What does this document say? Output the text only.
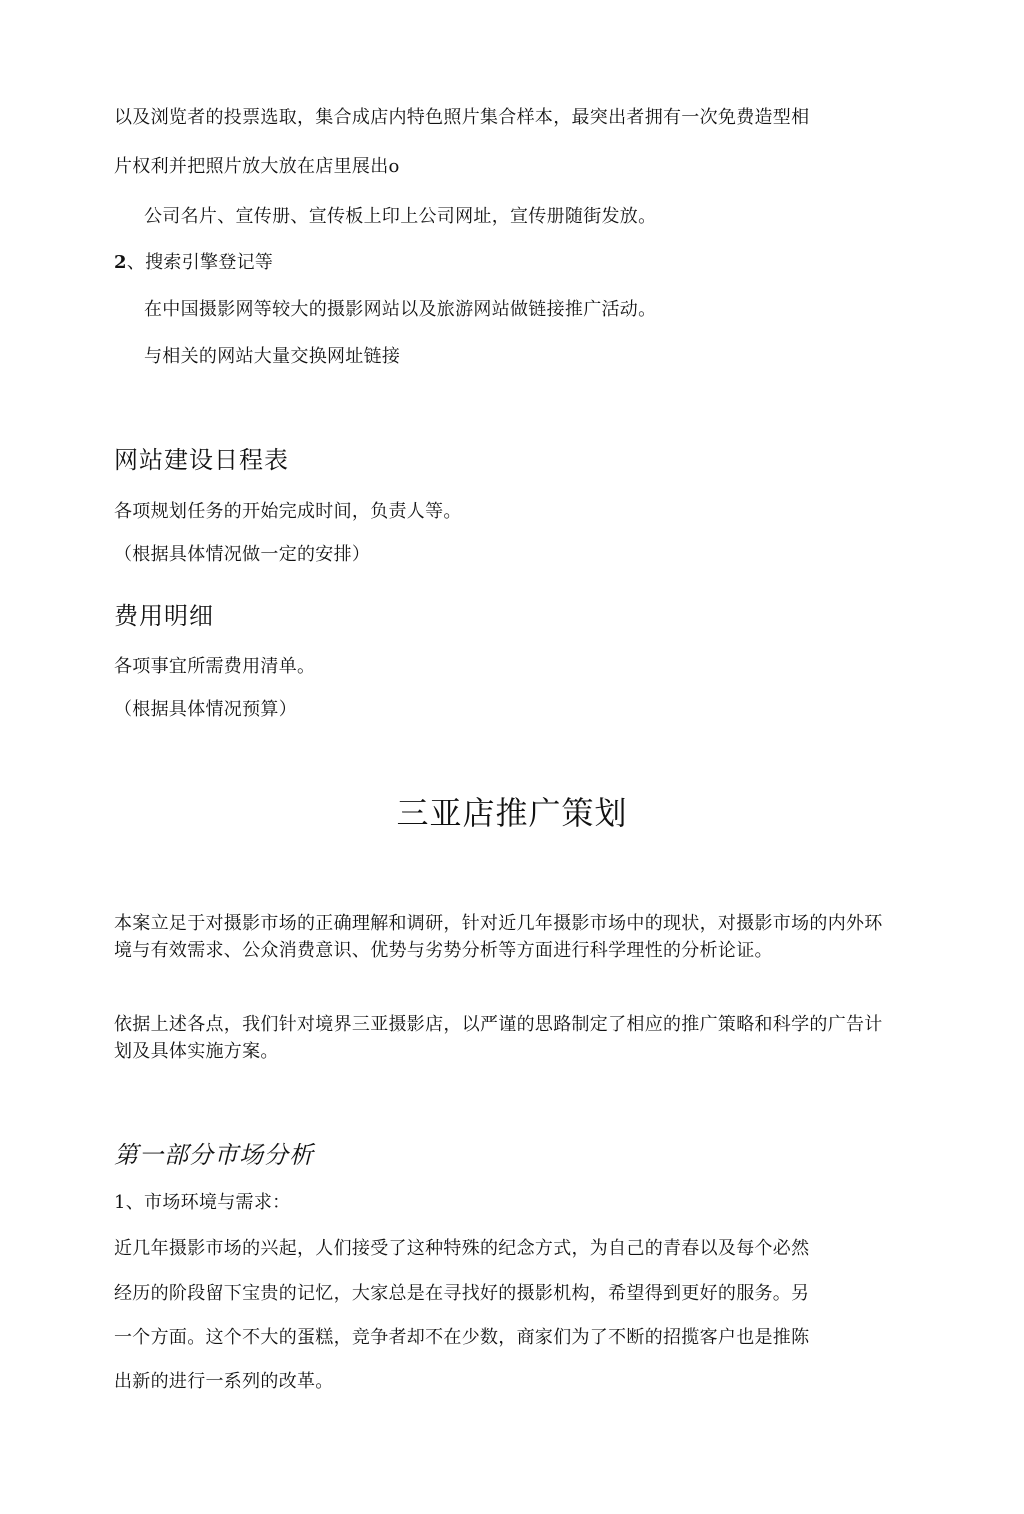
以及浏览者的投票选取，集合成店内特色照片集合样本，最突出者拥有一次免费造型相
片权利并把照片放大放在店里展出o
公司名片、宣传册、宣传板上印上公司网址，宣传册随街发放。
2、搜索引擎登记等
在中国摄影网等较大的摄影网站以及旅游网站做链接推广活动。
与相关的网站大量交换网址链接
网站建设日程表
各项规划任务的开始完成时间，负责人等。
（根据具体情况做一定的安排）
费用明细
各项事宜所需费用清单。
（根据具体情况预算）
三亚店推广策划
本案立足于对摄影市场的正确理解和调研，针对近几年摄影市场中的现状，对摄影市场的内外环境与有效需求、公众消费意识、优势与劣势分析等方面进行科学理性的分析论证。
依据上述各点，我们针对境界三亚摄影店，以严谨的思路制定了相应的推广策略和科学的广告计划及具体实施方案。
第一部分市场分析
1、市场环境与需求：
近几年摄影市场的兴起，人们接受了这种特殊的纪念方式，为自己的青春以及每个必然
经历的阶段留下宝贵的记忆，大家总是在寻找好的摄影机构，希望得到更好的服务。另
一个方面。这个不大的蛋糕，竞争者却不在少数，商家们为了不断的招揽客户也是推陈
出新的进行一系列的改革。
